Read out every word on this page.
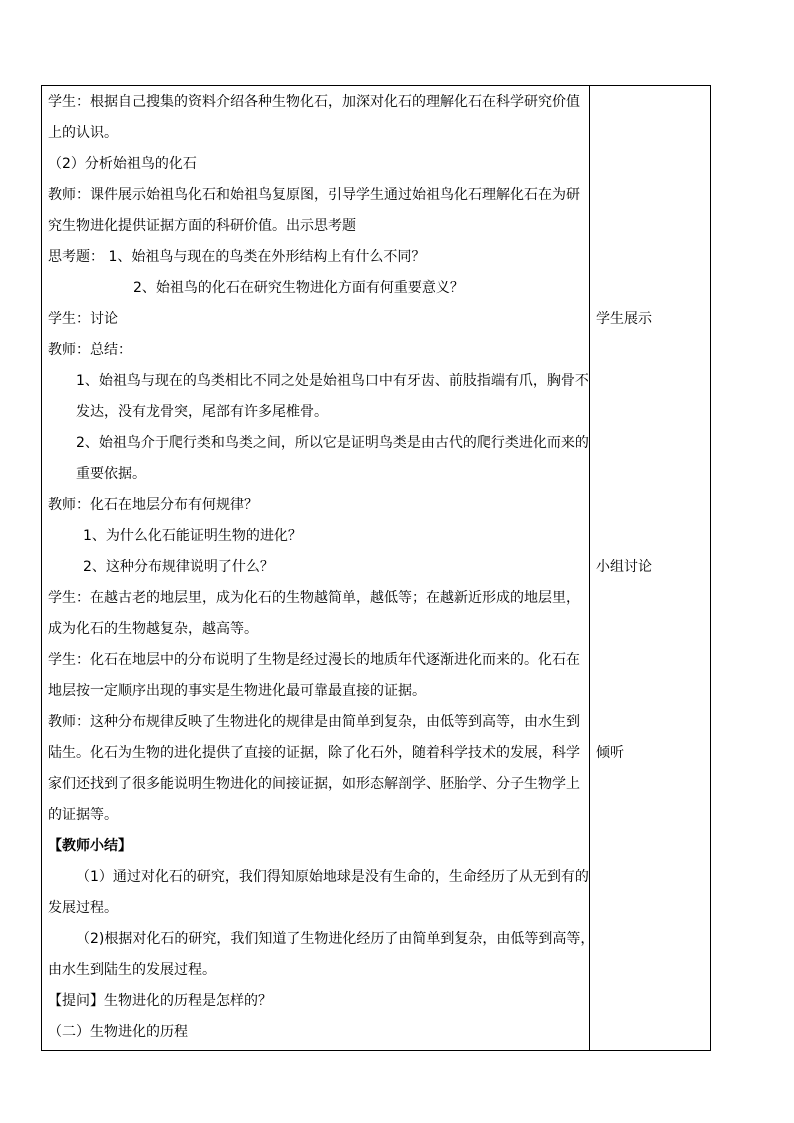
学生：根据自己搜集的资料介绍各种生物化石，加深对化石的理解化石在科学研究价值
上的认识。
（2）分析始祖鸟的化石
教师：课件展示始祖鸟化石和始祖鸟复原图，引导学生通过始祖鸟化石理解化石在为研
究生物进化提供证据方面的科研价值。出示思考题
思考题： 1、始祖鸟与现在的鸟类在外形结构上有什么不同？
2、始祖鸟的化石在研究生物进化方面有何重要意义？
学生：讨论
教师：总结：
1、始祖鸟与现在的鸟类相比不同之处是始祖鸟口中有牙齿、前肢指端有爪，胸骨不
发达，没有龙骨突，尾部有许多尾椎骨。
2、始祖鸟介于爬行类和鸟类之间，所以它是证明鸟类是由古代的爬行类进化而来的
重要依据。
教师：化石在地层分布有何规律？
1、为什么化石能证明生物的进化？
2、这种分布规律说明了什么？
学生：在越古老的地层里，成为化石的生物越简单，越低等；在越新近形成的地层里，
成为化石的生物越复杂，越高等。
学生：化石在地层中的分布说明了生物是经过漫长的地质年代逐渐进化而来的。化石在
地层按一定顺序出现的事实是生物进化最可靠最直接的证据。
教师：这种分布规律反映了生物进化的规律是由简单到复杂，由低等到高等，由水生到
陆生。化石为生物的进化提供了直接的证据，除了化石外，随着科学技术的发展，科学
家们还找到了很多能说明生物进化的间接证据，如形态解剖学、胚胎学、分子生物学上
的证据等。
【教师小结】
（1）通过对化石的研究，我们得知原始地球是没有生命的，生命经历了从无到有的
发展过程。
（2)根据对化石的研究，我们知道了生物进化经历了由简单到复杂，由低等到高等，
由水生到陆生的发展过程。
【提问】生物进化的历程是怎样的？
（二）生物进化的历程
学生展示
小组讨论
倾听
